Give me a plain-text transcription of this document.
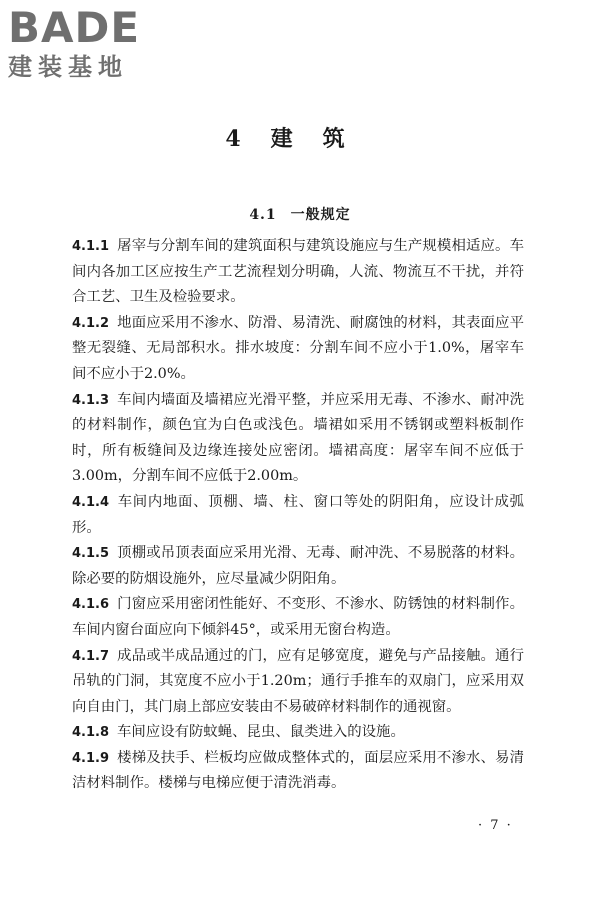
BADE
建装基地
4 建筑
4.1 一般规定

4.1.1 屠宰与分割车间的建筑面积与建筑设施应与生产规模相适应。车间内各加工区应按生产工艺流程划分明确，人流、物流互不干扰，并符合工艺、卫生及检验要求。

4.1.2 地面应采用不渗水、防滑、易清洗、耐腐蚀的材料，其表面应平整无裂缝、无局部积水。排水坡度：分割车间不应小于1.0%，屠宰车间不应小于2.0%。

4.1.3 车间内墙面及墙裙应光滑平整，并应采用无毒、不渗水、耐冲洗的材料制作，颜色宜为白色或浅色。墙裙如采用不锈钢或塑料板制作时，所有板缝间及边缘连接处应密闭。墙裙高度：屠宰车间不应低于3.00m，分割车间不应低于2.00m。

4.1.4 车间内地面、顶棚、墙、柱、窗口等处的阴阳角，应设计成弧形。

4.1.5 顶棚或吊顶表面应采用光滑、无毒、耐冲洗、不易脱落的材料。除必要的防烟设施外，应尽量减少阴阳角。

4.1.6 门窗应采用密闭性能好、不变形、不渗水、防锈蚀的材料制作。车间内窗台面应向下倾斜45°，或采用无窗台构造。

4.1.7 成品或半成品通过的门，应有足够宽度，避免与产品接触。通行吊轨的门洞，其宽度不应小于1.20m；通行手推车的双扇门，应采用双向自由门，其门扇上部应安装由不易破碎材料制作的通视窗。

4.1.8 车间应设有防蚊蝇、昆虫、鼠类进入的设施。

4.1.9 楼梯及扶手、栏板均应做成整体式的，面层应采用不渗水、易清洁材料制作。楼梯与电梯应便于清洗消毒。

· 7 ·
